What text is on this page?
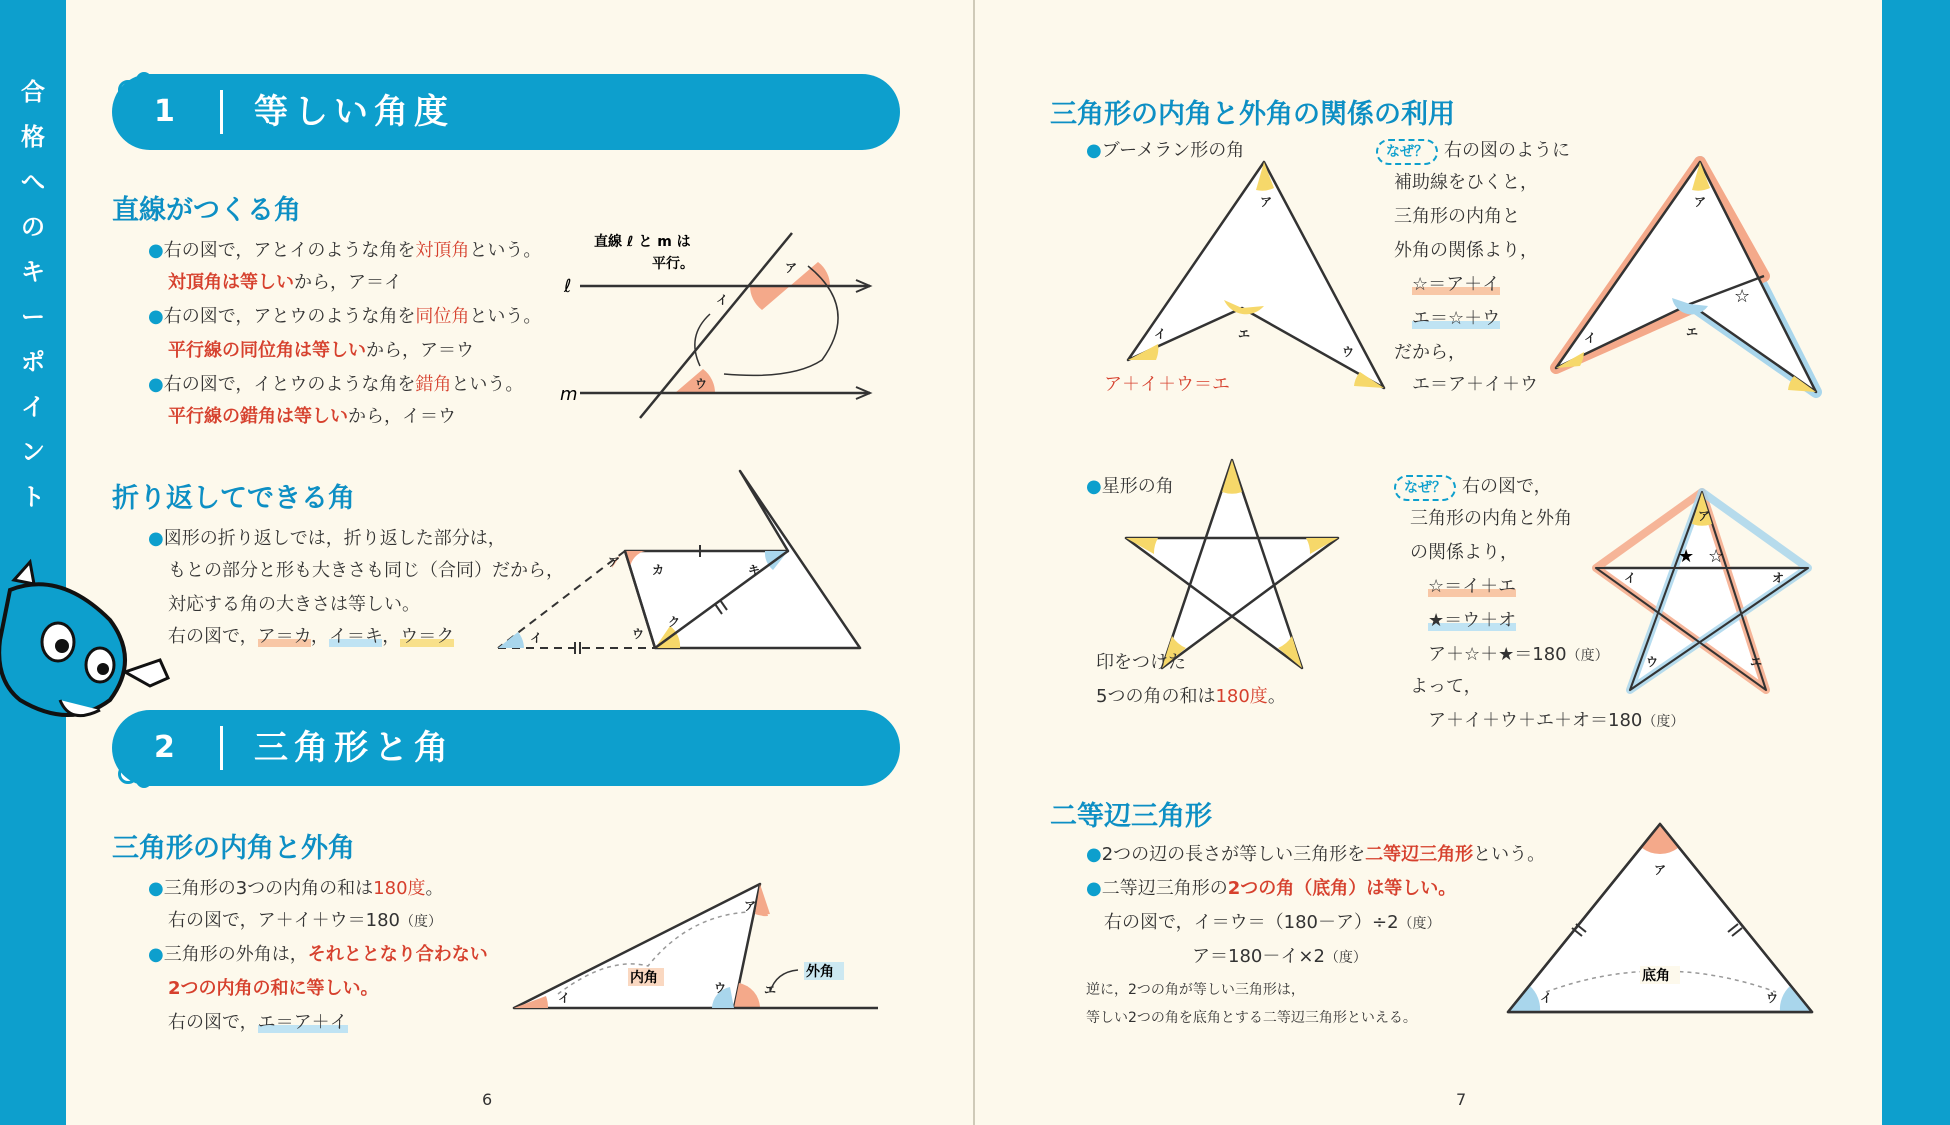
合
格
へ
の
キ
ー
ポ
イ
ン
ト
1 等しい角度
直線がつくる角
●右の図で，アとイのような角を対頂角という。
対頂角は等しいから，ア＝イ
●右の図で，アとウのような角を同位角という。
平行線の同位角は等しいから，ア＝ウ
●右の図で，イとウのような角を錯角という。
平行線の錯角は等しいから，イ＝ウ
ア
イ
ウ
ℓ
m
直線 ℓ と m は
平行。
折り返してできる角
●図形の折り返しでは，折り返した部分は，
もとの部分と形も大きさも同じ（合同）だから，
対応する角の大きさは等しい。
右の図で，ア＝カ，イ＝キ，ウ＝ク
カ	キ
ク
ウ
イ
ア
2 三角形と角
三角形の内角と外角
●三角形の3つの内角の和は180度。
右の図で，ア＋イ＋ウ＝180（度）
●三角形の外角は，それととなり合わない
2つの内角の和に等しい。
右の図で，エ＝ア＋イ
イ
ア
ウ	エ
内角	外角
6
三角形の内角と外角の関係の利用
●ブーメラン形の角
ア
イ	エ
ウ
ア＋イ＋ウ＝エ
なぜ？ 右の図のように
補助線をひくと，
三角形の内角と
外角の関係より，
☆＝ア＋イ
エ＝☆＋ウ
だから，
エ＝ア＋イ＋ウ
ア
イ	エ
☆
●星形の角
印をつけた
5つの角の和は180度。
なぜ？ 右の図で，
三角形の内角と外角
の関係より，
☆＝イ＋エ
★＝ウ＋オ
ア＋☆＋★＝180（度）
よって，
ア＋イ＋ウ＋エ＋オ＝180（度）
ア
イ	オ
ウ	エ
★ ☆
二等辺三角形
●2つの辺の長さが等しい三角形を二等辺三角形という。
●二等辺三角形の2つの角（底角）は等しい。
右の図で，イ＝ウ＝（180－ア）÷2（度）
ア＝180－イ×2（度）
逆に，2つの角が等しい三角形は，
等しい2つの角を底角とする二等辺三角形といえる。
ア
イ	ウ
底角
7
